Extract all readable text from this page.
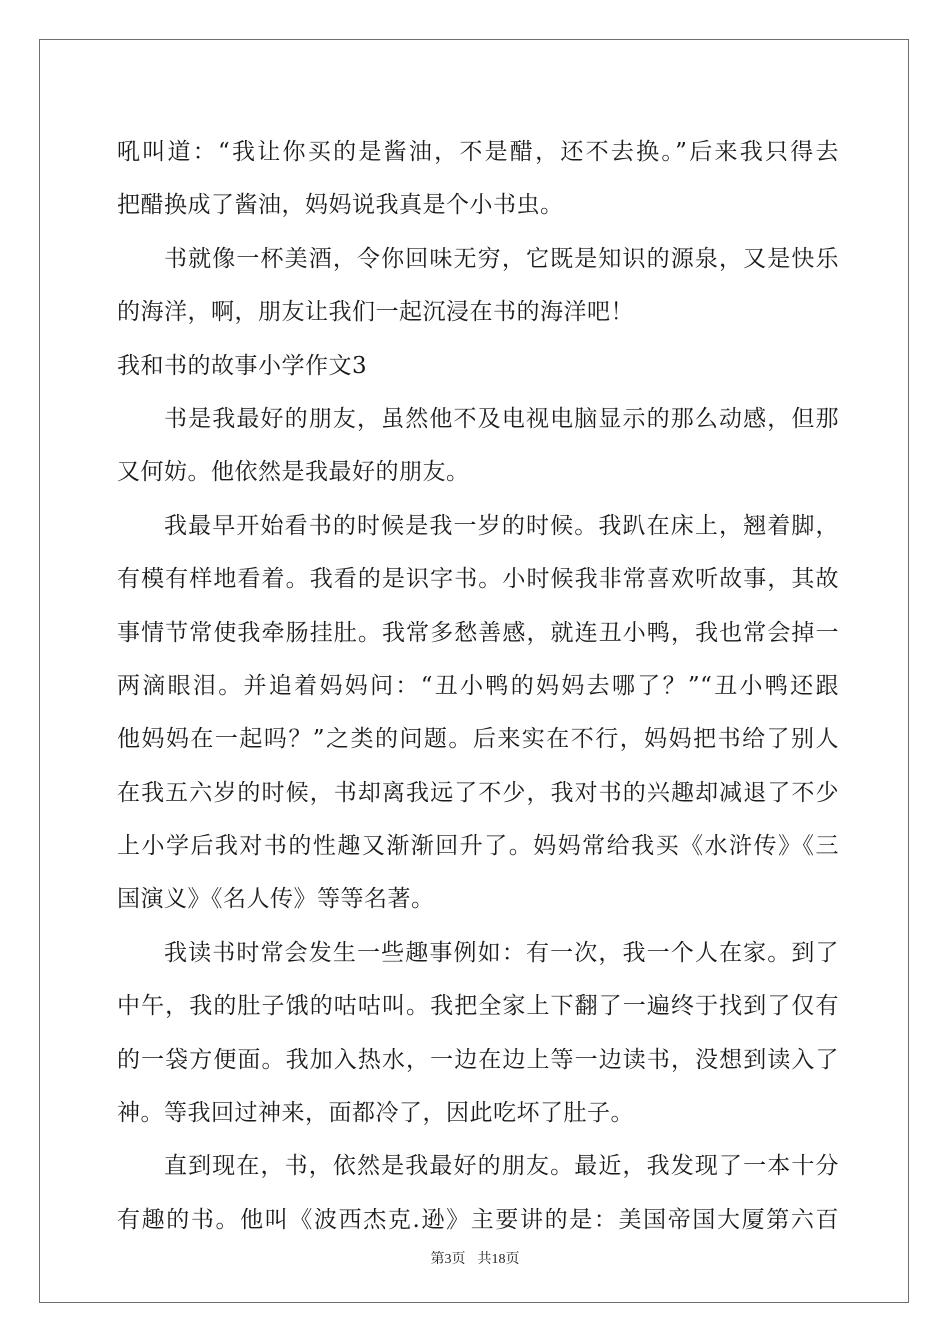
吼叫道：“我让你买的是酱油，不是醋，还不去换。”后来我只得去
把醋换成了酱油，妈妈说我真是个小书虫。
书就像一杯美酒，令你回味无穷，它既是知识的源泉，又是快乐
的海洋，啊，朋友让我们一起沉浸在书的海洋吧！
我和书的故事小学作文3
书是我最好的朋友，虽然他不及电视电脑显示的那么动感，但那
又何妨。他依然是我最好的朋友。
我最早开始看书的时候是我一岁的时候。我趴在床上，翘着脚，
有模有样地看着。我看的是识字书。小时候我非常喜欢听故事，其故
事情节常使我牵肠挂肚。我常多愁善感，就连丑小鸭，我也常会掉一
两滴眼泪。并追着妈妈问：“丑小鸭的妈妈去哪了？”“丑小鸭还跟
他妈妈在一起吗？”之类的问题。后来实在不行，妈妈把书给了别人
在我五六岁的时候，书却离我远了不少，我对书的兴趣却减退了不少
上小学后我对书的性趣又渐渐回升了。妈妈常给我买《水浒传》《三
国演义》《名人传》等等名著。
我读书时常会发生一些趣事例如：有一次，我一个人在家。到了
中午，我的肚子饿的咕咕叫。我把全家上下翻了一遍终于找到了仅有
的一袋方便面。我加入热水，一边在边上等一边读书，没想到读入了
神。等我回过神来，面都冷了，因此吃坏了肚子。
直到现在，书，依然是我最好的朋友。最近，我发现了一本十分
有趣的书。他叫《波西杰克.逊》主要讲的是：美国帝国大厦第六百
第3页 共18页
